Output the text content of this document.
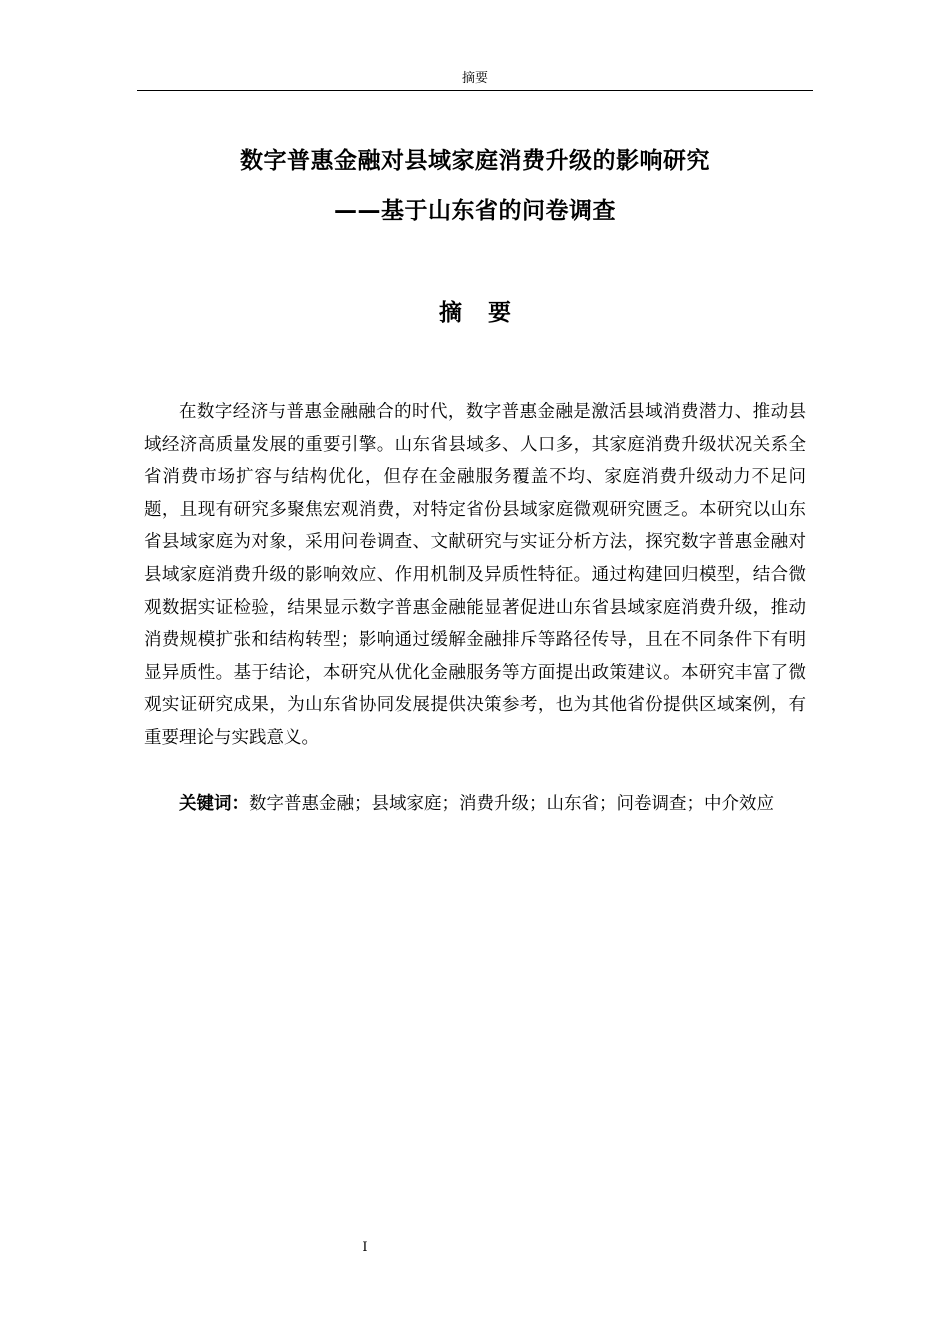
摘要
数字普惠金融对县域家庭消费升级的影响研究
——基于山东省的问卷调查
摘要

在数字经济与普惠金融融合的时代，数字普惠金融是激活县域消费潜力、推动县域经济高质量发展的重要引擎。山东省县域多、人口多，其家庭消费升级状况关系全省消费市场扩容与结构优化，但存在金融服务覆盖不均、家庭消费升级动力不足问题，且现有研究多聚焦宏观消费，对特定省份县域家庭微观研究匮乏。本研究以山东省县域家庭为对象，采用问卷调查、文献研究与实证分析方法，探究数字普惠金融对县域家庭消费升级的影响效应、作用机制及异质性特征。通过构建回归模型，结合微观数据实证检验，结果显示数字普惠金融能显著促进山东省县域家庭消费升级，推动消费规模扩张和结构转型；影响通过缓解金融排斥等路径传导，且在不同条件下有明显异质性。基于结论，本研究从优化金融服务等方面提出政策建议。本研究丰富了微观实证研究成果，为山东省协同发展提供决策参考，也为其他省份提供区域案例，有重要理论与实践意义。

关键词：数字普惠金融；县域家庭；消费升级；山东省；问卷调查；中介效应

I
